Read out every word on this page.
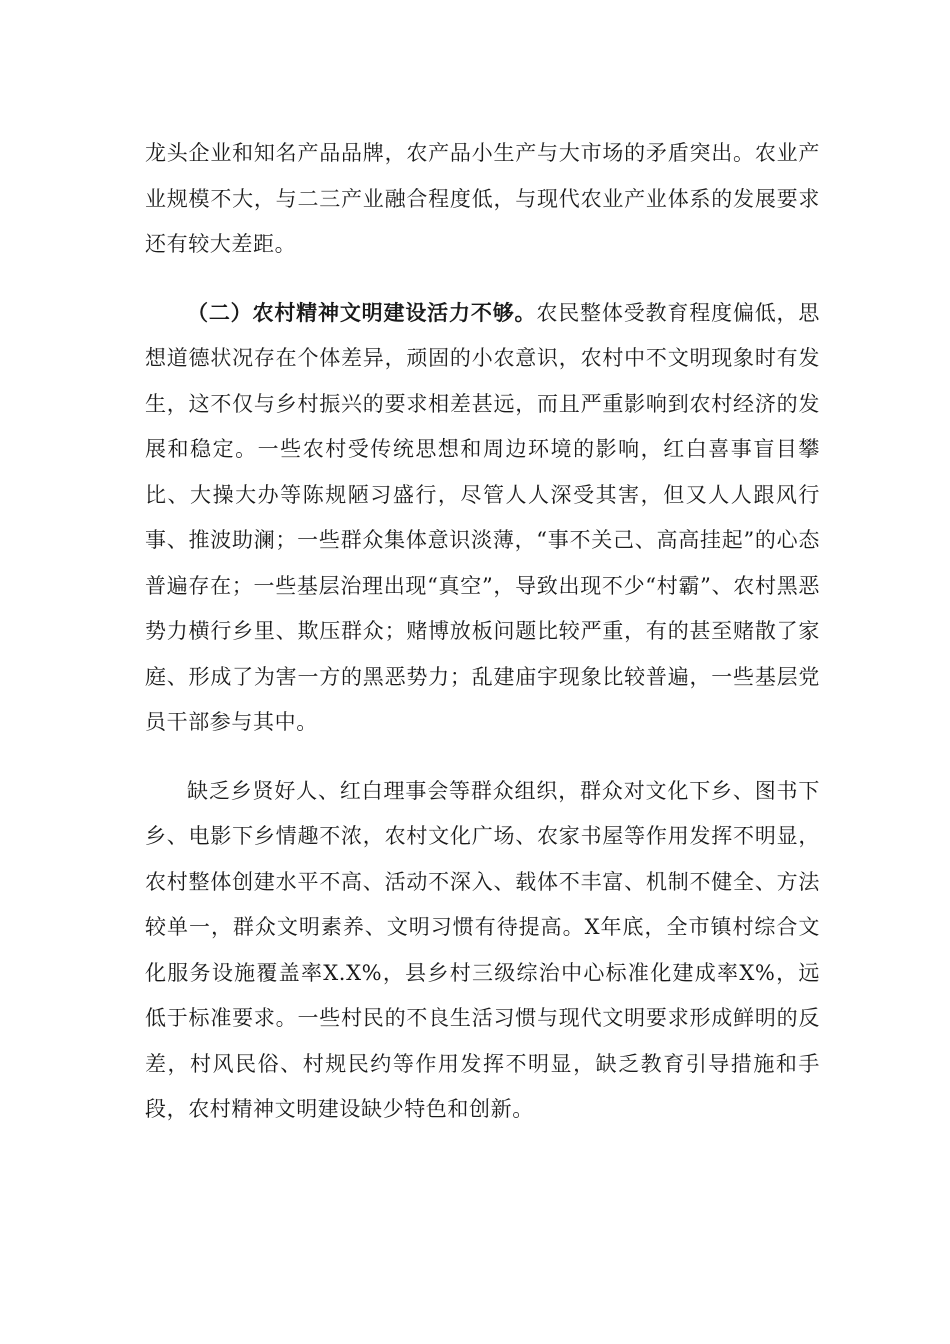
龙头企业和知名产品品牌，农产品小生产与大市场的矛盾突出。农业产业规模不大，与二三产业融合程度低，与现代农业产业体系的发展要求还有较大差距。

（二）农村精神文明建设活力不够。农民整体受教育程度偏低，思想道德状况存在个体差异，顽固的小农意识，农村中不文明现象时有发生，这不仅与乡村振兴的要求相差甚远，而且严重影响到农村经济的发展和稳定。一些农村受传统思想和周边环境的影响，红白喜事盲目攀比、大操大办等陈规陋习盛行，尽管人人深受其害，但又人人跟风行事、推波助澜；一些群众集体意识淡薄，“事不关己、高高挂起”的心态普遍存在；一些基层治理出现“真空”，导致出现不少“村霸”、农村黑恶势力横行乡里、欺压群众；赌博放板问题比较严重，有的甚至赌散了家庭、形成了为害一方的黑恶势力；乱建庙宇现象比较普遍，一些基层党员干部参与其中。

缺乏乡贤好人、红白理事会等群众组织，群众对文化下乡、图书下乡、电影下乡情趣不浓，农村文化广场、农家书屋等作用发挥不明显，农村整体创建水平不高、活动不深入、载体不丰富、机制不健全、方法较单一，群众文明素养、文明习惯有待提高。X年底，全市镇村综合文化服务设施覆盖率X.X%，县乡村三级综治中心标准化建成率X%，远低于标准要求。一些村民的不良生活习惯与现代文明要求形成鲜明的反差，村风民俗、村规民约等作用发挥不明显，缺乏教育引导措施和手段，农村精神文明建设缺少特色和创新。
